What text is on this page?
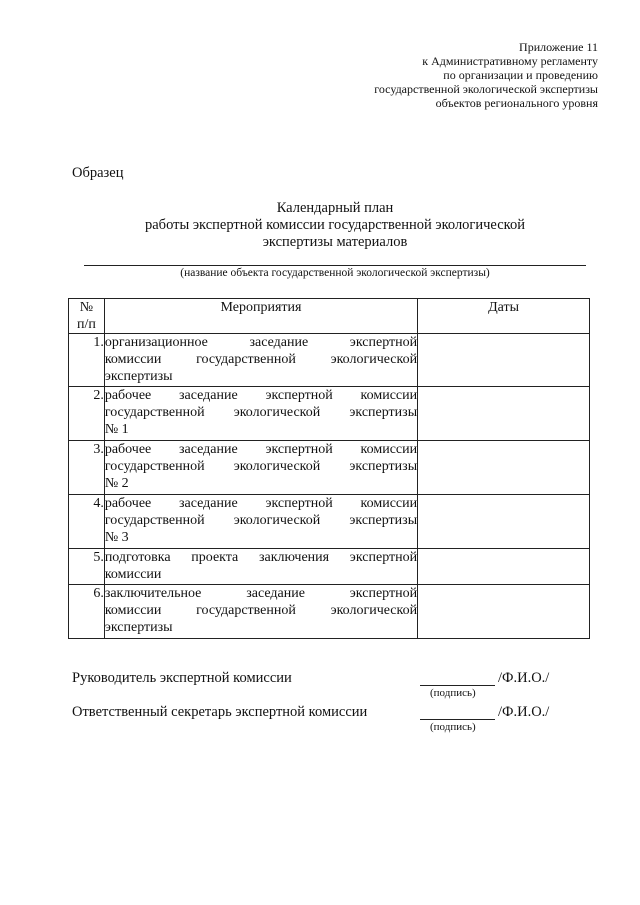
Приложение 11
к Административному регламенту
по организации и проведению
государственной экологической экспертизы
объектов регионального уровня
Образец
Календарный план
работы экспертной комиссии государственной экологической
экспертизы материалов
(название объекта государственной экологической экспертизы)
№
п/п	Мероприятия	Даты
1.	организационное заседание экспертной
комиссии государственной экологической
экспертизы	

2.	рабочее заседание экспертной комиссии
государственной экологической экспертизы
№ 1	

3.	рабочее заседание экспертной комиссии
государственной экологической экспертизы
№ 2	

4.	рабочее заседание экспертной комиссии
государственной экологической экспертизы
№ 3	

5.	подготовка проекта заключения экспертной
комиссии	

6.	заключительное заседание экспертной
комиссии государственной экологической
экспертизы	

Руководитель экспертной комиссии	/Ф.И.О./
(подпись)
Ответственный секретарь экспертной комиссии	/Ф.И.О./
(подпись)
